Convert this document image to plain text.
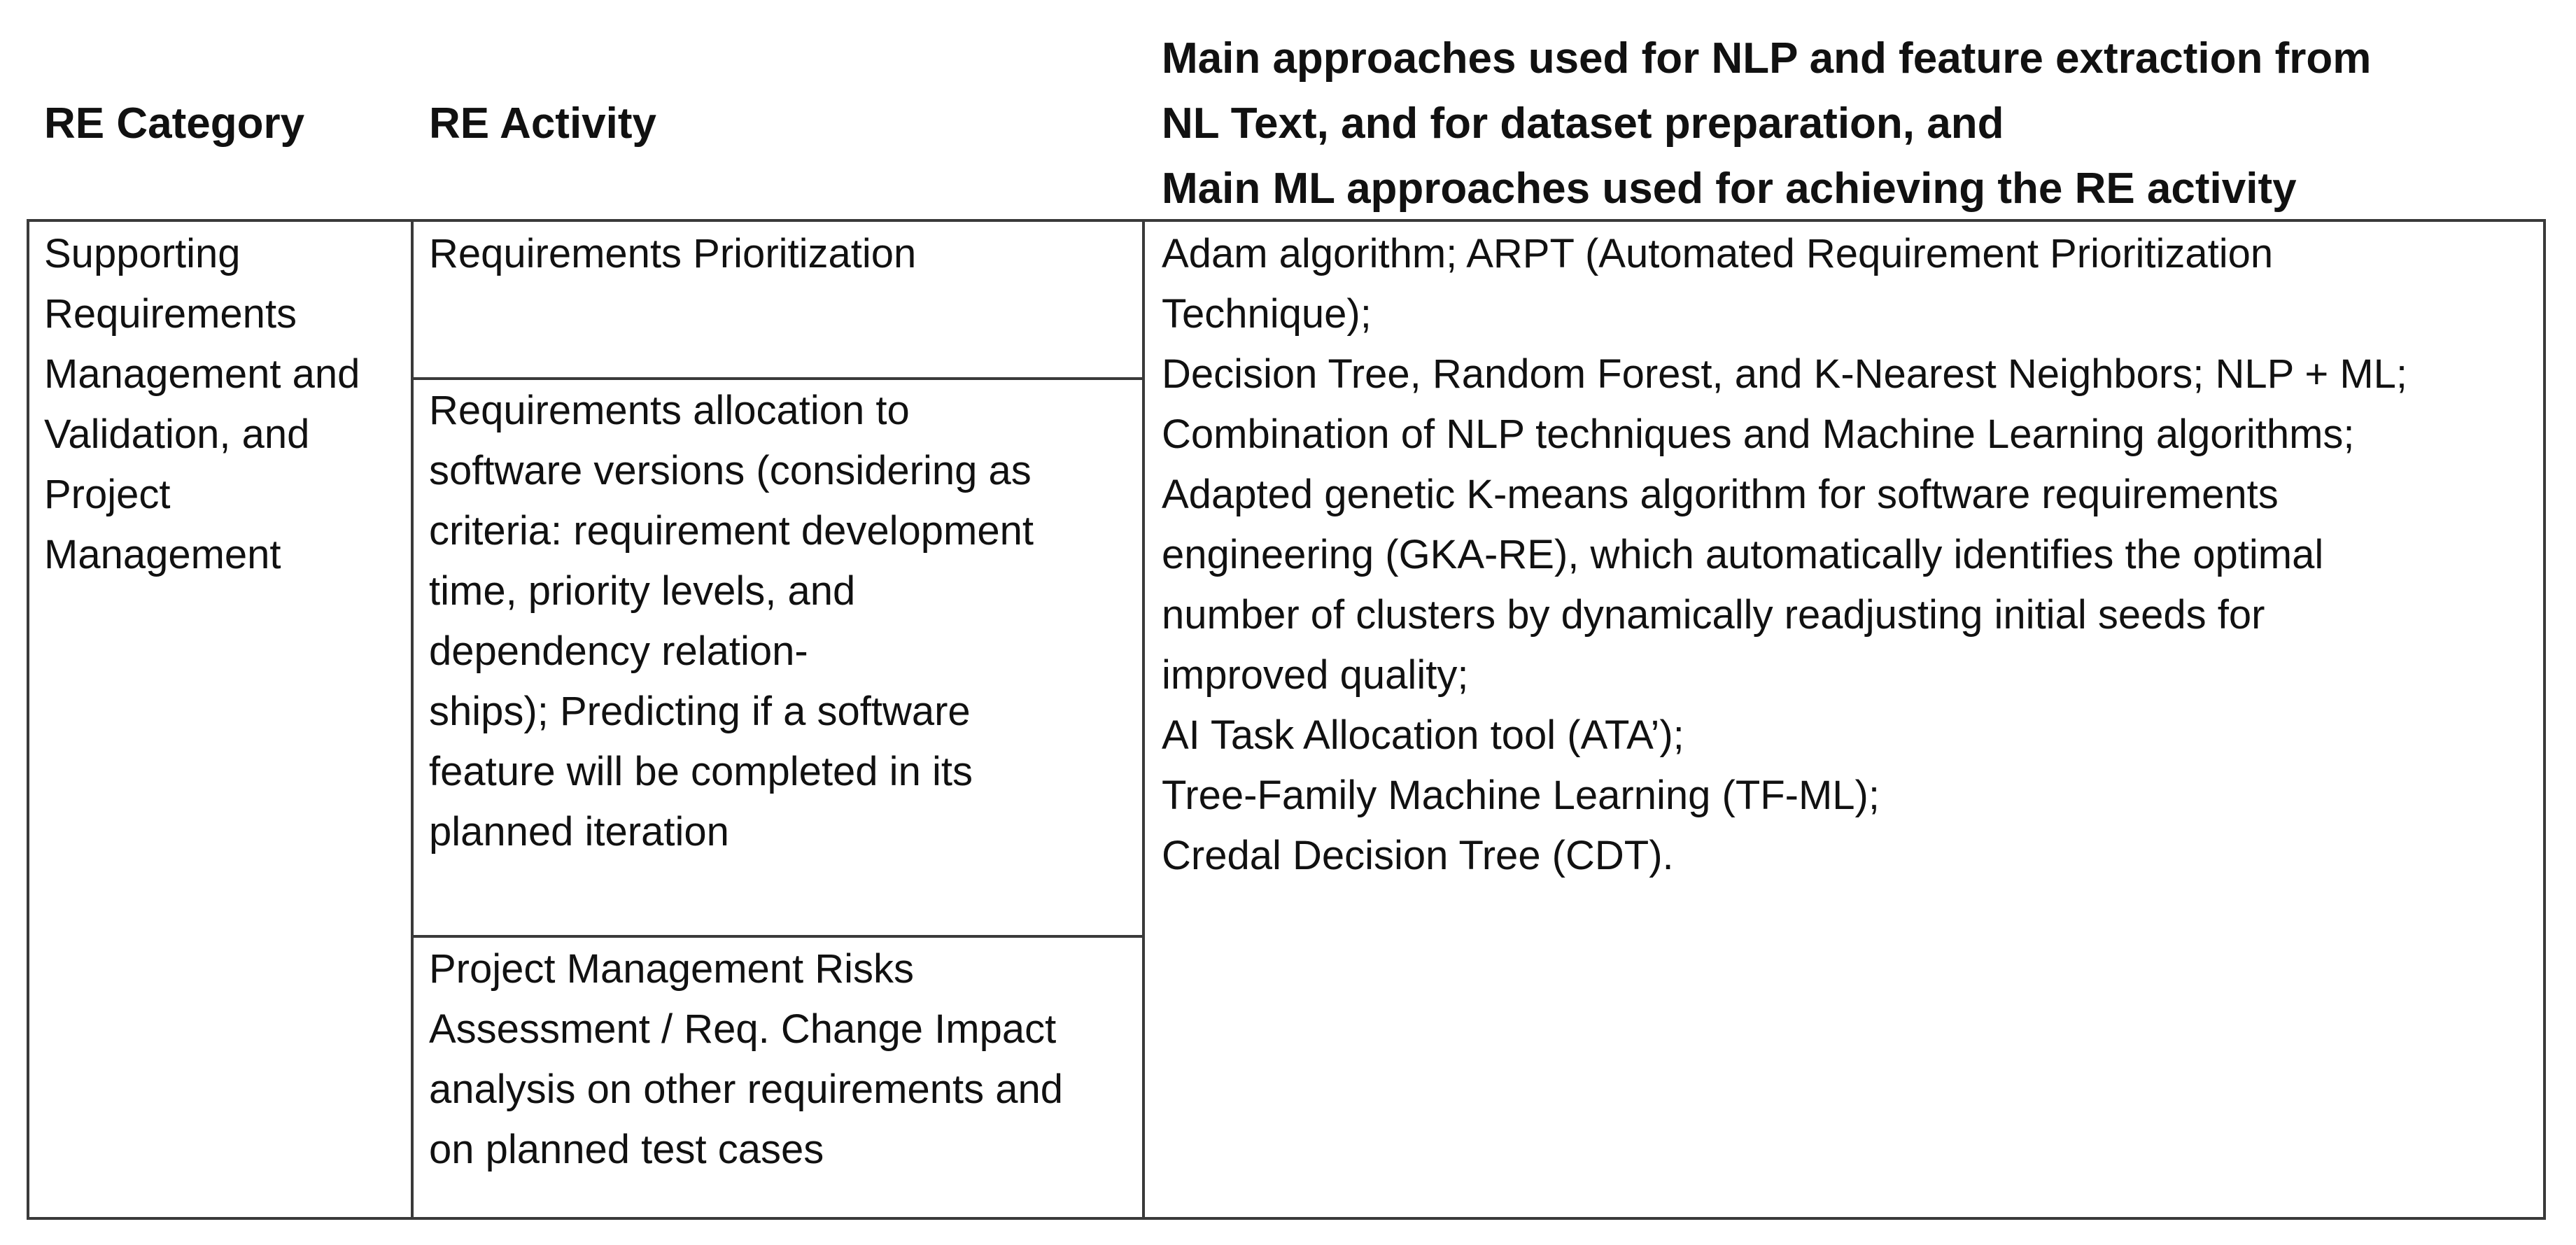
RE Category	RE Activity
Main approaches used for NLP and feature extraction from
NL Text, and for dataset preparation, and
Main ML approaches used for achieving the RE activity
Supporting
Requirements
Management and
Validation, and
Project
Management
Requirements Prioritization
Requirements allocation to
software versions (considering as
criteria: requirement development
time, priority levels, and
dependency relation-
ships); Predicting if a software
feature will be completed in its
planned iteration
Project Management Risks
Assessment / Req. Change Impact
analysis on other requirements and
on planned test cases
Adam algorithm; ARPT (Automated Requirement Prioritization
Technique);
Decision Tree, Random Forest, and K-Nearest Neighbors; NLP + ML;
Combination of NLP techniques and Machine Learning algorithms;
Adapted genetic K-means algorithm for software requirements
engineering (GKA-RE), which automatically identifies the optimal
number of clusters by dynamically readjusting initial seeds for
improved quality;
AI Task Allocation tool (ATA’);
Tree-Family Machine Learning (TF-ML);
Credal Decision Tree (CDT).
